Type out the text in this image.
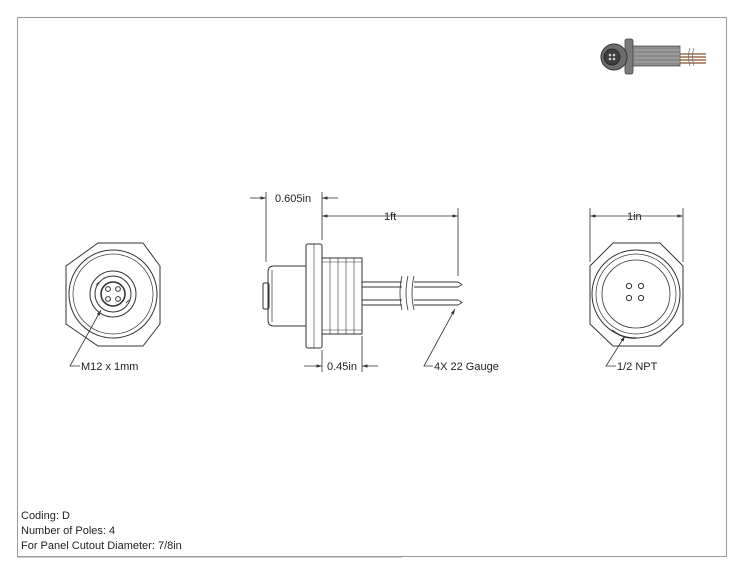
0.605in
1ft	1in
0.45in
M12 x 1mm	4X 22 Gauge	1/2 NPT
Coding: D
Number of Poles: 4
For Panel Cutout Diameter: 7/8in
